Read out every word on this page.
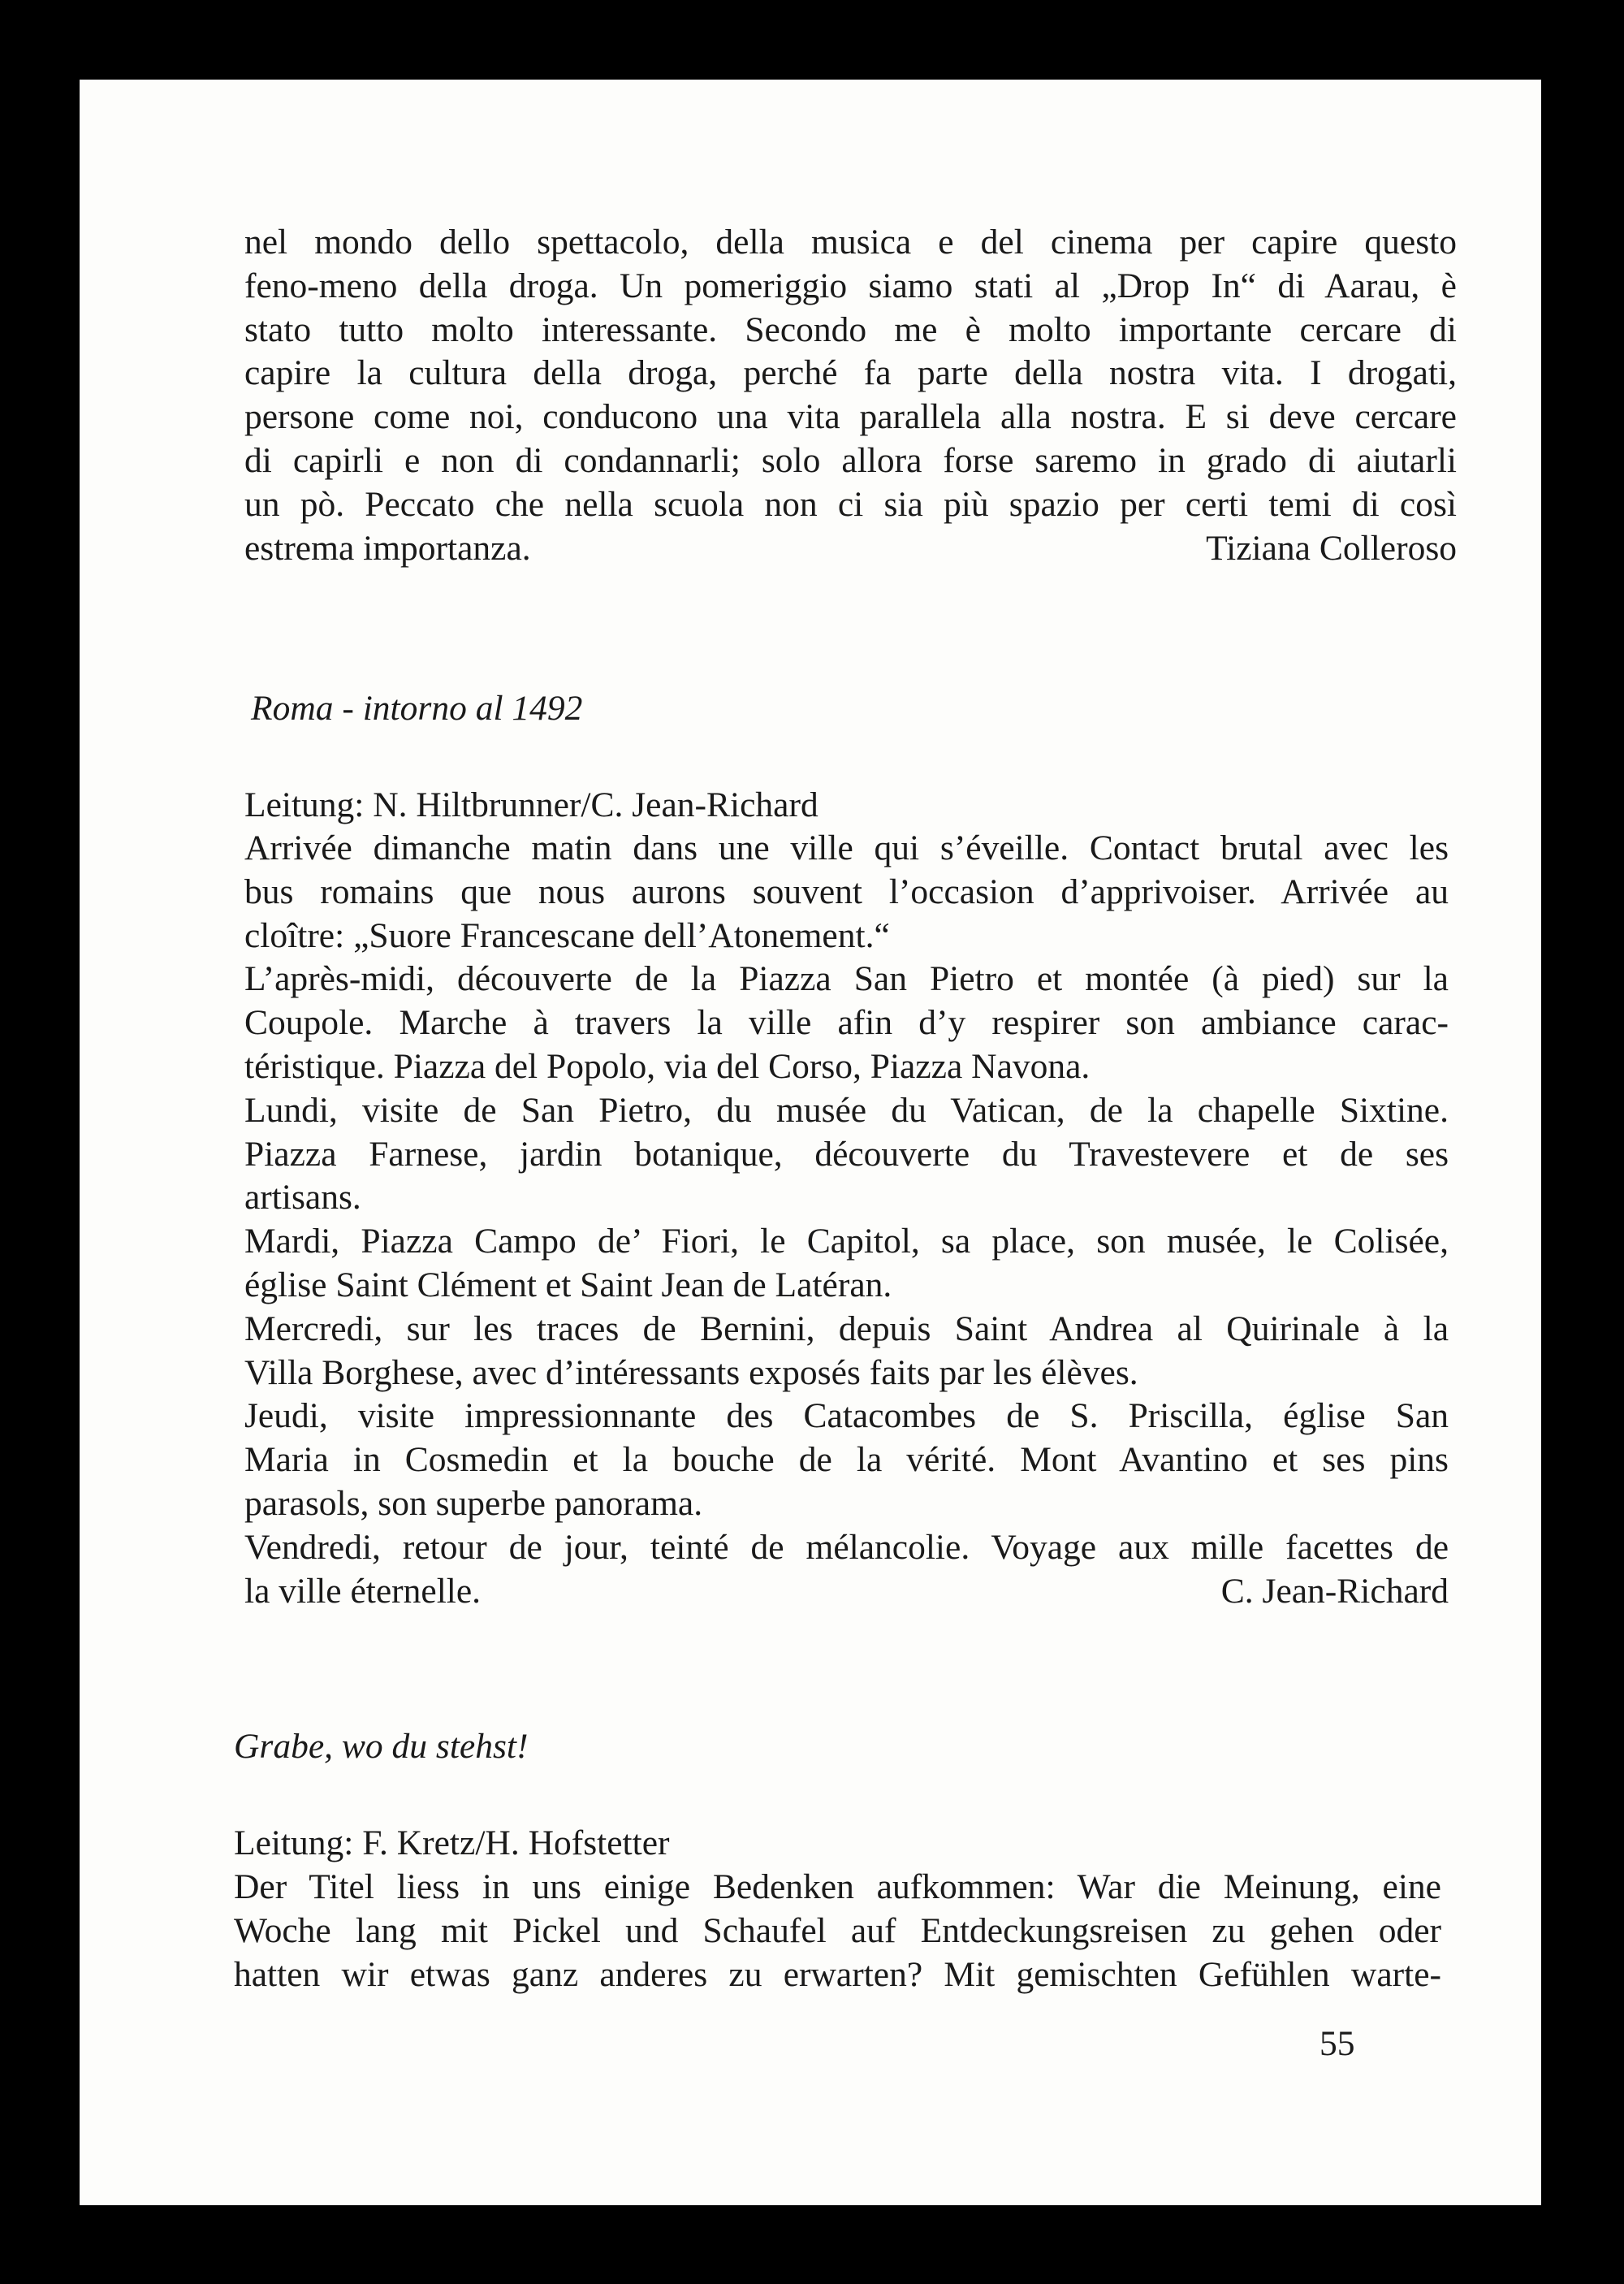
nel mondo dello spettacolo, della musica e del cinema per capire questo
feno-meno della droga. Un pomeriggio siamo stati al „Drop In“ di Aarau, è
stato tutto molto interessante. Secondo me è molto importante cercare di
capire la cultura della droga, perché fa parte della nostra vita. I drogati,
persone come noi, conducono una vita parallela alla nostra. E si deve cercare
di capirli e non di condannarli; solo allora forse saremo in grado di aiutarli
un pò. Peccato che nella scuola non ci sia più spazio per certi temi di così
estrema importanza.	Tiziana Colleroso
Roma - intorno al 1492
Leitung: N. Hiltbrunner/C. Jean-Richard
Arrivée dimanche matin dans une ville qui s’éveille. Contact brutal avec les
bus romains que nous aurons souvent l’occasion d’apprivoiser. Arrivée au
cloître: „Suore Francescane dell’Atonement.“
L’après-midi, découverte de la Piazza San Pietro et montée (à pied) sur la
Coupole. Marche à travers la ville afin d’y respirer son ambiance carac-
téristique. Piazza del Popolo, via del Corso, Piazza Navona.
Lundi, visite de San Pietro, du musée du Vatican, de la chapelle Sixtine.
Piazza Farnese, jardin botanique, découverte du Travestevere et de ses
artisans.
Mardi, Piazza Campo de’ Fiori, le Capitol, sa place, son musée, le Colisée,
église Saint Clément et Saint Jean de Latéran.
Mercredi, sur les traces de Bernini, depuis Saint Andrea al Quirinale à la
Villa Borghese, avec d’intéressants exposés faits par les élèves.
Jeudi, visite impressionnante des Catacombes de S. Priscilla, église San
Maria in Cosmedin et la bouche de la vérité. Mont Avantino et ses pins
parasols, son superbe panorama.
Vendredi, retour de jour, teinté de mélancolie. Voyage aux mille facettes de
la ville éternelle.	C. Jean-Richard
Grabe, wo du stehst!
Leitung: F. Kretz/H. Hofstetter
Der Titel liess in uns einige Bedenken aufkommen: War die Meinung, eine
Woche lang mit Pickel und Schaufel auf Entdeckungsreisen zu gehen oder
hatten wir etwas ganz anderes zu erwarten? Mit gemischten Gefühlen warte-
55
